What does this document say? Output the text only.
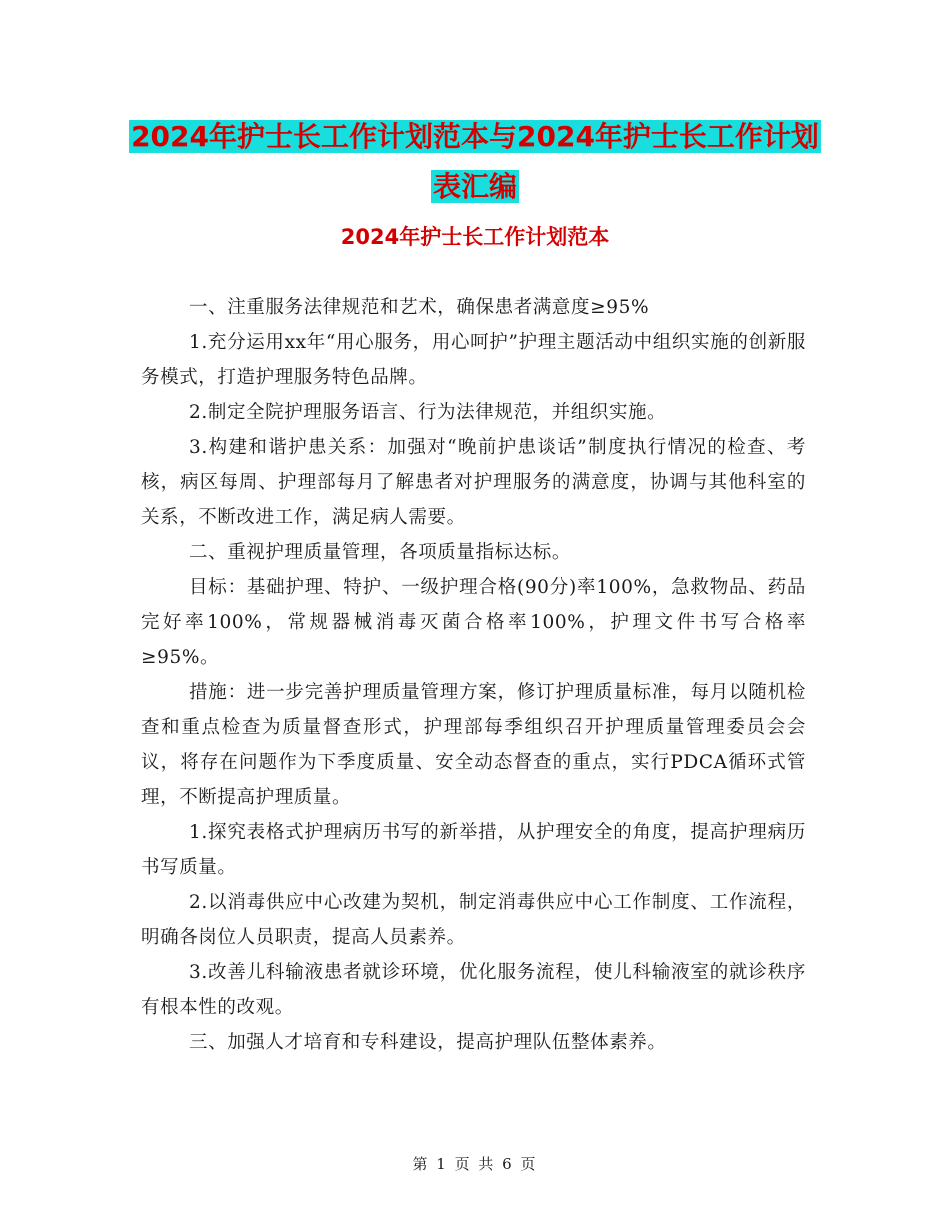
2024年护士长工作计划范本与2024年护士长工作计划
表汇编
2024年护士长工作计划范本

一、注重服务法律规范和艺术，确保患者满意度≥95%

1.充分运用xx年“用心服务，用心呵护”护理主题活动中组织实施的创新服务模式，打造护理服务特色品牌。

2.制定全院护理服务语言、行为法律规范，并组织实施。

3.构建和谐护患关系：加强对“晚前护患谈话”制度执行情况的检查、考核，病区每周、护理部每月了解患者对护理服务的满意度，协调与其他科室的关系，不断改进工作，满足病人需要。

二、重视护理质量管理，各项质量指标达标。

目标：基础护理、特护、一级护理合格(90分)率100%，急救物品、药品完好率100%，常规器械消毒灭菌合格率100%，护理文件书写合格率≥95%。

措施：进一步完善护理质量管理方案，修订护理质量标准，每月以随机检查和重点检查为质量督查形式，护理部每季组织召开护理质量管理委员会会议，将存在问题作为下季度质量、安全动态督查的重点，实行PDCA循环式管理，不断提高护理质量。

1.探究表格式护理病历书写的新举措，从护理安全的角度，提高护理病历书写质量。

2.以消毒供应中心改建为契机，制定消毒供应中心工作制度、工作流程，明确各岗位人员职责，提高人员素养。

3.改善儿科输液患者就诊环境，优化服务流程，使儿科输液室的就诊秩序有根本性的改观。

三、加强人才培育和专科建设，提高护理队伍整体素养。

第 1 页 共 6 页
